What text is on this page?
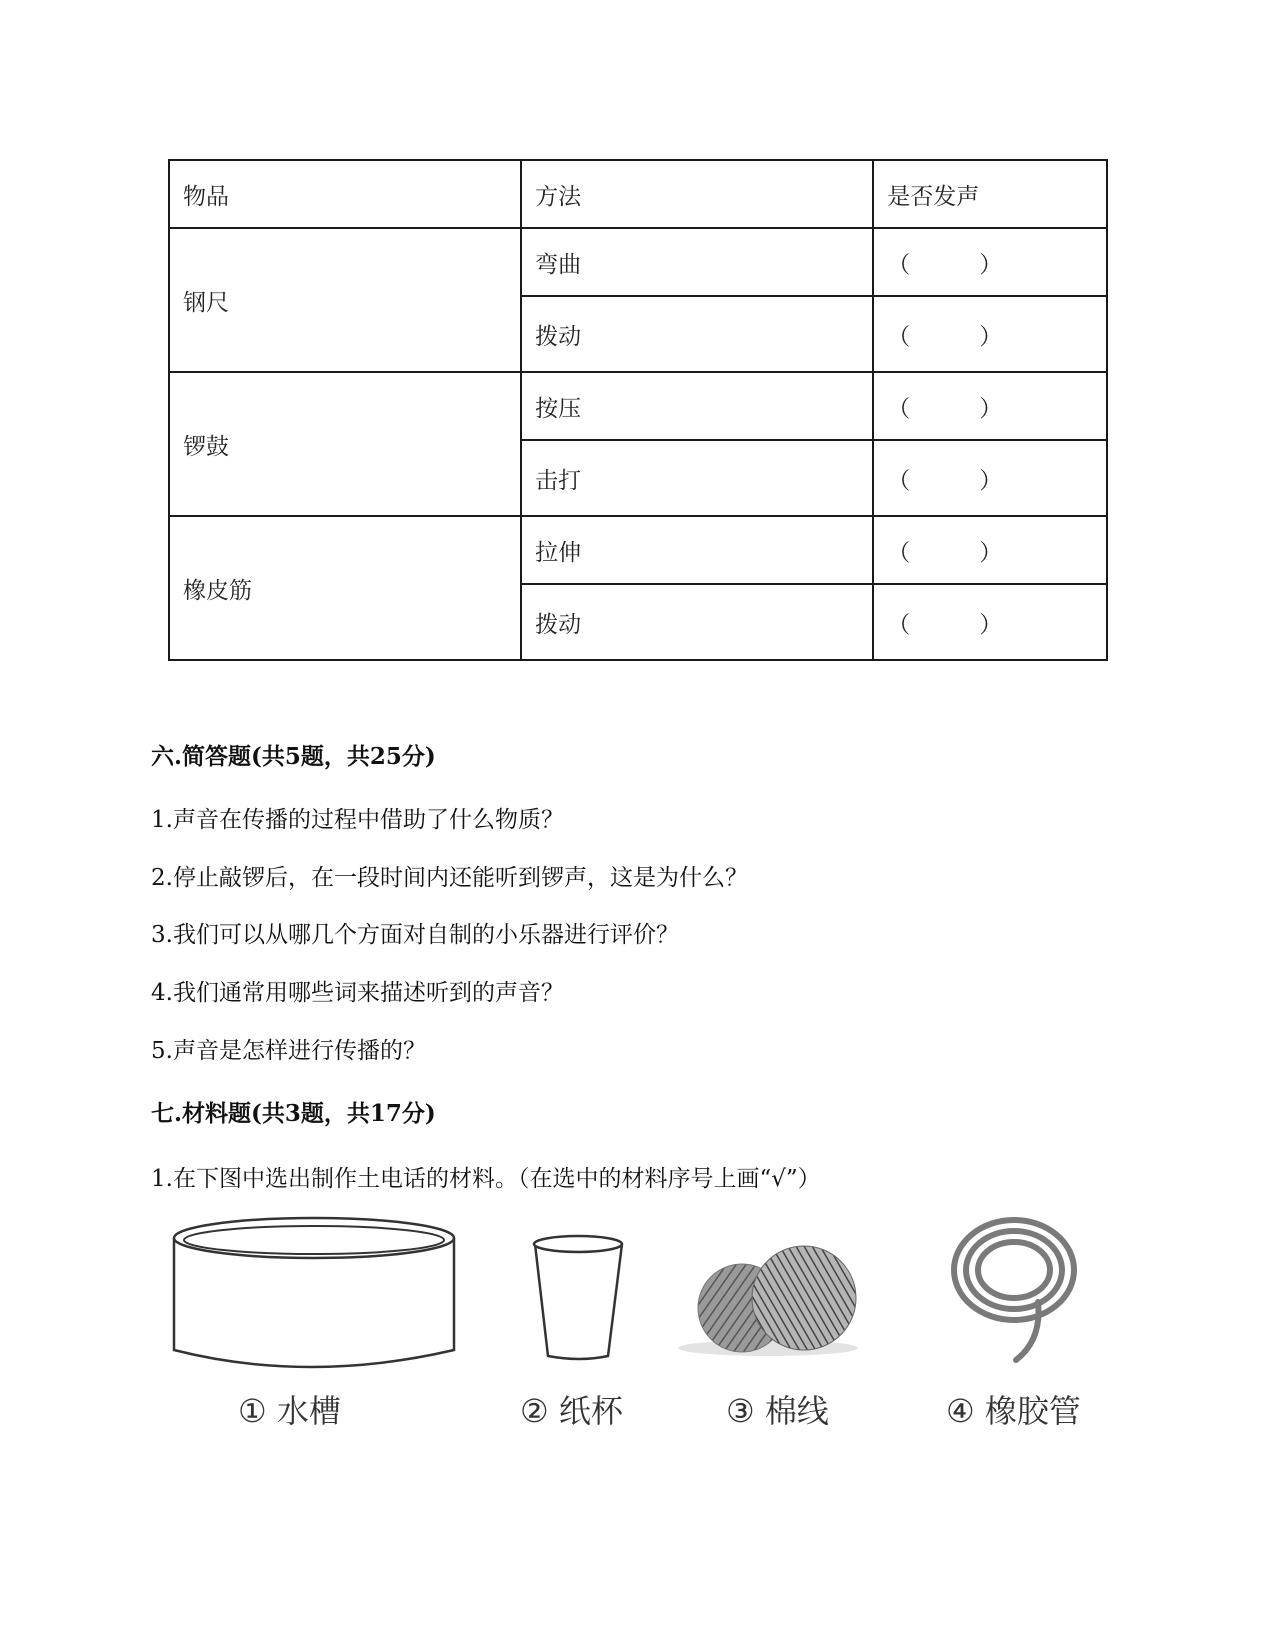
物品	方法	是否发声
钢尺	弯曲	（　　　）
	拨动	（　　　）
锣鼓	按压	（　　　）
	击打	（　　　）
橡皮筋	拉伸	（　　　）
	拨动	（　　　）
六.简答题(共5题，共25分)
1.声音在传播的过程中借助了什么物质？
2.停止敲锣后，在一段时间内还能听到锣声，这是为什么？
3.我们可以从哪几个方面对自制的小乐器进行评价？
4.我们通常用哪些词来描述听到的声音？
5.声音是怎样进行传播的？
七.材料题(共3题，共17分)
1.在下图中选出制作土电话的材料。（在选中的材料序号上画“√”）
① 水槽	② 纸杯	③ 棉线	④ 橡胶管
